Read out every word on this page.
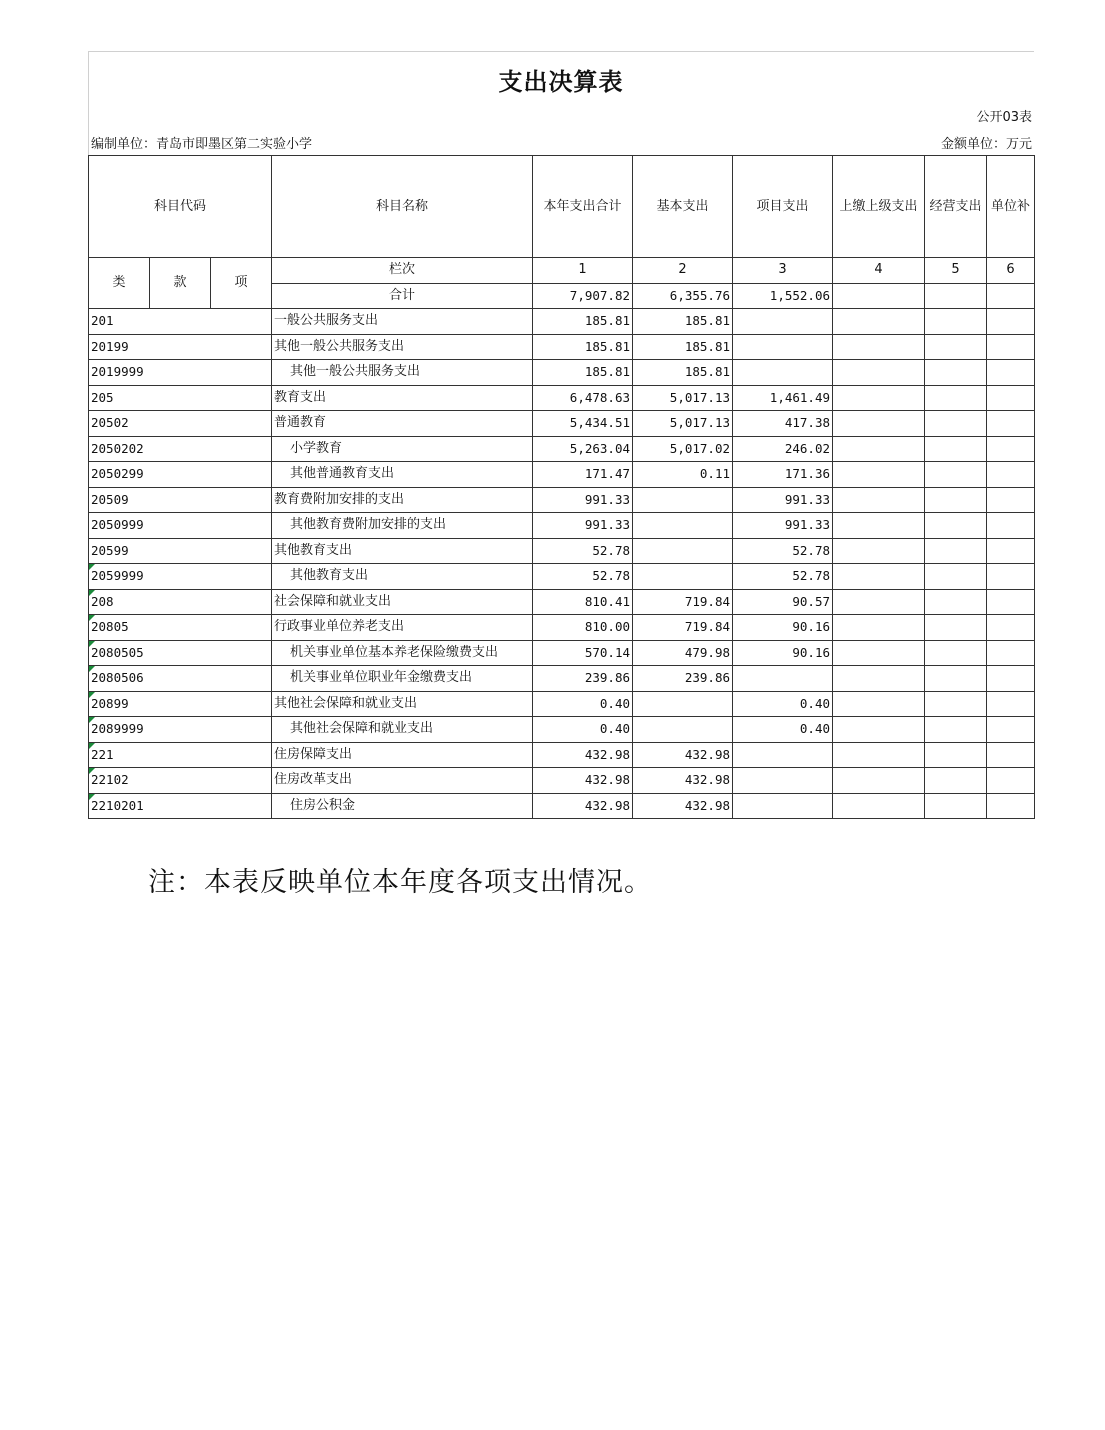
支出决算表
公开03表
编制单位：青岛市即墨区第二实验小学	金额单位：万元
科目代码			科目名称	本年支出合计	基本支出	项目支出	上缴上级支出	经营支出	单位补
类	款	项	栏次	1	2	3	4	5	6
			合计	7,907.82	6,355.76	1,552.06			
201			一般公共服务支出	185.81	185.81				
20199			其他一般公共服务支出	185.81	185.81				
2019999			其他一般公共服务支出	185.81	185.81				
205			教育支出	6,478.63	5,017.13	1,461.49			
20502			普通教育	5,434.51	5,017.13	417.38			
2050202			小学教育	5,263.04	5,017.02	246.02			
2050299			其他普通教育支出	171.47	0.11	171.36			
20509			教育费附加安排的支出	991.33		991.33			
2050999			其他教育费附加安排的支出	991.33		991.33			
20599			其他教育支出	52.78		52.78			

2059999			其他教育支出	52.78		52.78			

208			社会保障和就业支出	810.41	719.84	90.57			

20805			行政事业单位养老支出	810.00	719.84	90.16			

2080505			机关事业单位基本养老保险缴费支出	570.14	479.98	90.16			

2080506			机关事业单位职业年金缴费支出	239.86	239.86				

20899			其他社会保障和就业支出	0.40		0.40			

2089999			其他社会保障和就业支出	0.40		0.40			

221			住房保障支出	432.98	432.98				

22102			住房改革支出	432.98	432.98				

2210201			住房公积金	432.98	432.98				
注：本表反映单位本年度各项支出情况。
